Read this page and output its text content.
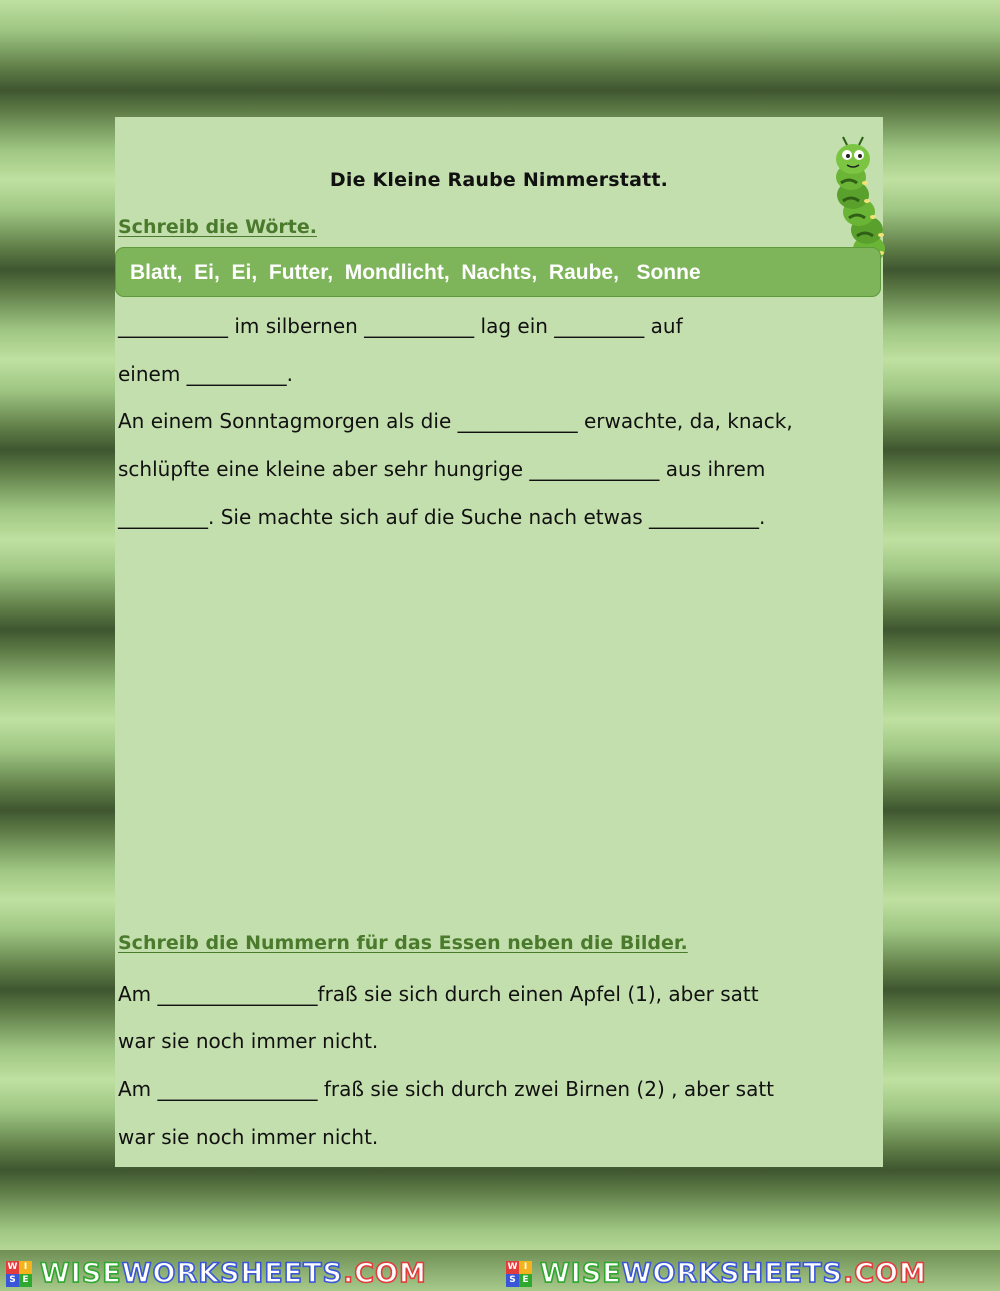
Die Kleine Raube Nimmerstatt.
Schreib die Wörte.
Blatt, Ei, Ei, Futter, Mondlicht, Nachts, Raube, Sonne
___________ im silbernen ___________ lag ein _________ auf
einem __________.
An einem Sonntagmorgen als die ____________ erwachte, da, knack,
schlüpfte eine kleine aber sehr hungrige _____________ aus ihrem
_________. Sie machte sich auf die Suche nach etwas ___________.
Schreib die Nummern für das Essen neben die Bilder.
Am ________________fraß sie sich durch einen Apfel (1), aber satt
war sie noch immer nicht.
Am ________________ fraß sie sich durch zwei Birnen (2) , aber satt
war sie noch immer nicht.
W I
S E WISEWORKSHEETS.COM	W I
S E WISEWORKSHEETS.COM
